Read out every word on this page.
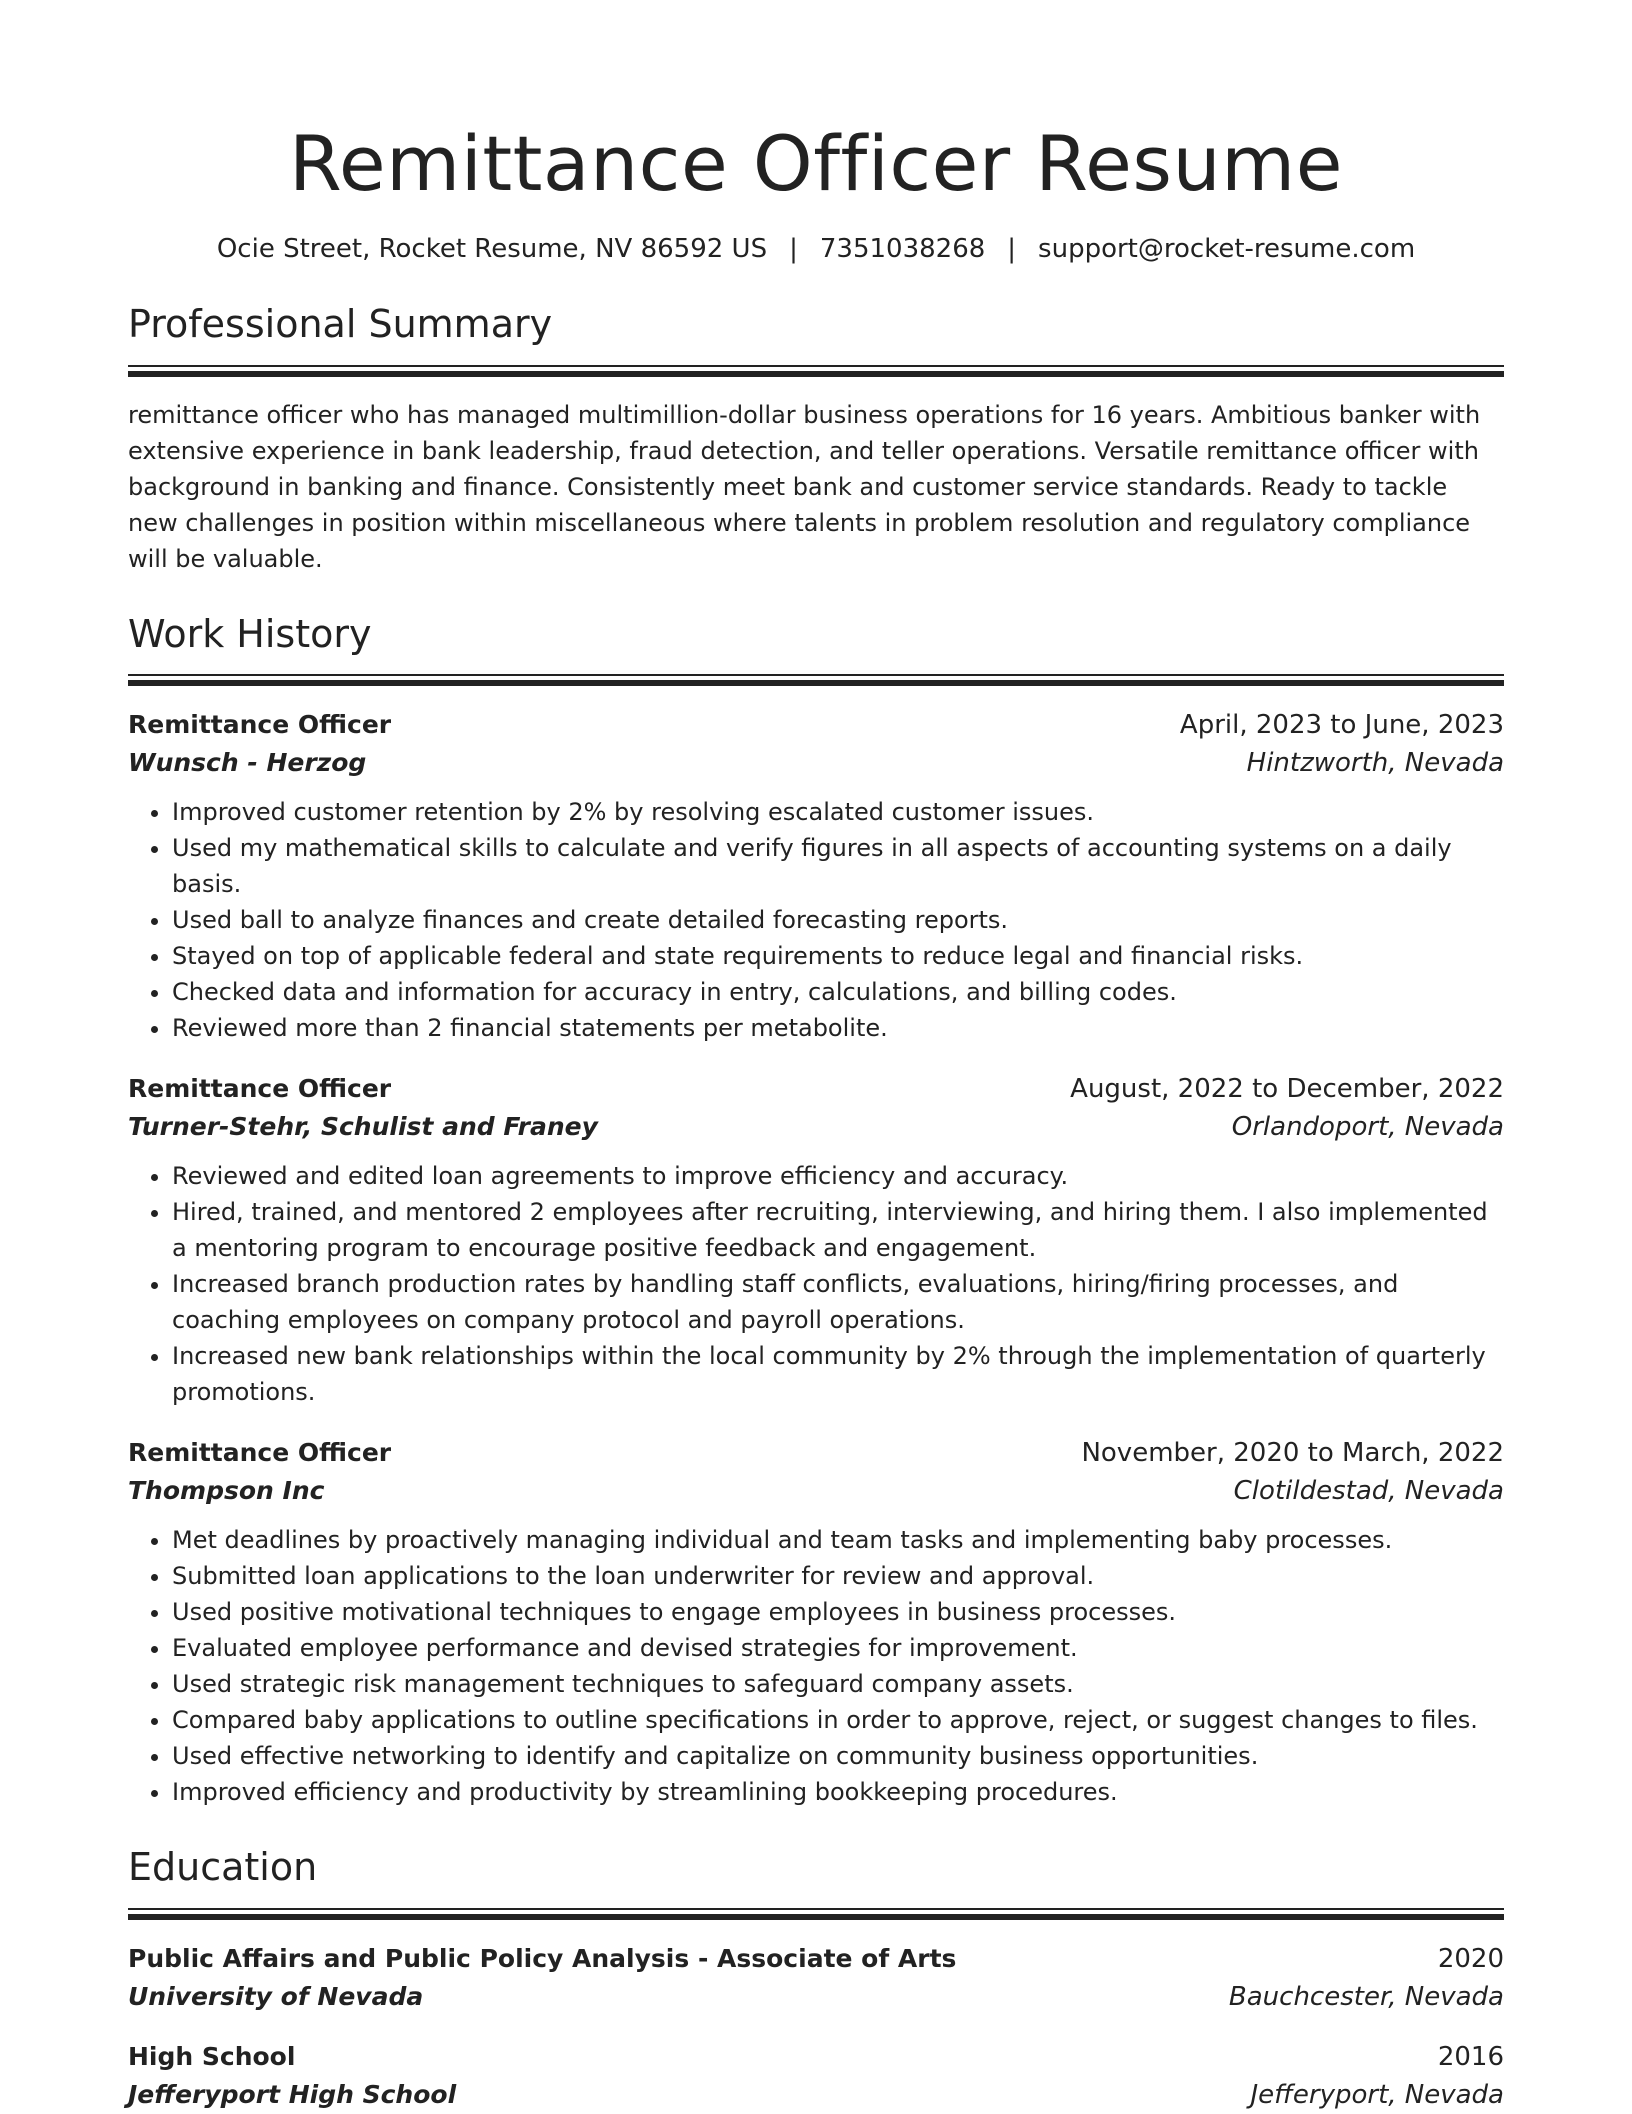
Remittance Officer Resume
Ocie Street, Rocket Resume, NV 86592 US | 7351038268 | support@rocket-resume.com
Professional Summary

remittance officer who has managed multimillion-dollar business operations for 16 years. Ambitious banker with extensive experience in bank leadership, fraud detection, and teller operations. Versatile remittance officer with background in banking and finance. Consistently meet bank and customer service standards. Ready to tackle new challenges in position within miscellaneous where talents in problem resolution and regulatory compliance will be valuable.

Work History
Remittance Officer	April, 2023 to June, 2023
Wunsch - Herzog	Hintzworth, Nevada
• Improved customer retention by 2% by resolving escalated customer issues.
• Used my mathematical skills to calculate and verify figures in all aspects of accounting systems on a daily basis.
• Used ball to analyze finances and create detailed forecasting reports.
• Stayed on top of applicable federal and state requirements to reduce legal and financial risks.
• Checked data and information for accuracy in entry, calculations, and billing codes.
• Reviewed more than 2 financial statements per metabolite.
Remittance Officer	August, 2022 to December, 2022
Turner-Stehr, Schulist and Franey	Orlandoport, Nevada
• Reviewed and edited loan agreements to improve efficiency and accuracy.
• Hired, trained, and mentored 2 employees after recruiting, interviewing, and hiring them. I also implemented a mentoring program to encourage positive feedback and engagement.
• Increased branch production rates by handling staff conflicts, evaluations, hiring/firing processes, and coaching employees on company protocol and payroll operations.
• Increased new bank relationships within the local community by 2% through the implementation of quarterly promotions.
Remittance Officer	November, 2020 to March, 2022
Thompson Inc	Clotildestad, Nevada
• Met deadlines by proactively managing individual and team tasks and implementing baby processes.
• Submitted loan applications to the loan underwriter for review and approval.
• Used positive motivational techniques to engage employees in business processes.
• Evaluated employee performance and devised strategies for improvement.
• Used strategic risk management techniques to safeguard company assets.
• Compared baby applications to outline specifications in order to approve, reject, or suggest changes to files.
• Used effective networking to identify and capitalize on community business opportunities.
• Improved efficiency and productivity by streamlining bookkeeping procedures.
Education
Public Affairs and Public Policy Analysis - Associate of Arts	2020
University of Nevada	Bauchcester, Nevada
High School	2016
Jefferyport High School	Jefferyport, Nevada
